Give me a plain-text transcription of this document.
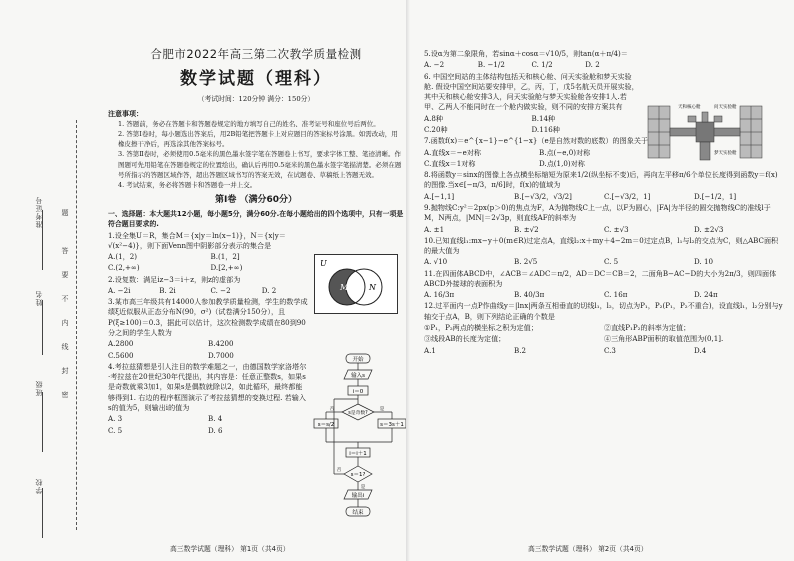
准考证号
姓名
班级
学校
题
答
要
不
内
线
封
密
合肥市2022年高三第二次教学质量检测
数学试题（理科）
（考试时间：120分钟 满分：150分）
注意事项：

1. 答题前，务必在答题卡和答题卷规定的地方填写自己的姓名、准考证号和座位号后两位。

2. 答第Ⅰ卷时，每小题选出答案后，用2B铅笔把答题卡上对应题目的答案标号涂黑。如需改动，用橡皮擦干净后，再选涂其他答案标号。

3. 答第Ⅱ卷时，必须使用0.5毫米的黑色墨水签字笔在答题卷上书写，要求字体工整、笔迹清晰。作图题可先用铅笔在答题卷规定的位置绘出，确认后再用0.5毫米的黑色墨水签字笔描清楚。必须在题号所指示的答题区域作答，超出答题区域书写的答案无效，在试题卷、草稿纸上答题无效。

4. 考试结束，务必将答题卡和答题卷一并上交。

第Ⅰ卷 （满分60分）
一、选择题：本大题共12小题，每小题5分，满分60分.在每小题给出的四个选项中，只有一项是符合题目要求的.
1.设全集U＝R，集合M＝{x|y＝ln(x−1)}，N＝{x|y＝√(x²−4)}，则下面Venn图中阴影部分表示的集合是
A.(1，2)	B.(1，2]
C.(2,+∞)	D.[2,+∞)
2.设复数：满足iz−3＝i＋z，则z的虚部为
A. −2i	B. 2i	C. −2	D. 2
3.某市高三年级共有14000人参加教学质量检测，学生的数学成绩ξ近似服从正态分布N(90，σ²)（试卷满分150分），且P(ξ≥100)＝0.3，据此可以估计，这次检测数学成绩在80到90分之间的学生人数为
A.2800	B.4200
C.5600	D.7000
4.考拉兹猜想是引人注目的数学难题之一，由德国数学家洛塔尔·考拉兹在20世纪30年代提出，其内容是：任意正整数s，如果s是奇数就乘3加1，如果s是偶数就除以2，如此循环，最终都能够得到1. 右边的程序框图演示了考拉兹猜想的变换过程. 若输入s的值为5，则输出i的值为
A. 3	B. 4
C. 5	D. 6
U
M	N
开始
输入s
i＝0
s是奇数?
否	是
s＝s/2	s＝3s＋1
i＝i＋1
s＝1?
否
是
输出i
结束
高三数学试题（理科） 第1页（共4页）
5.设α为第二象限角，若sinα＋cosα＝√10/5，则tan(α＋π/4)＝
A. −2	B. −1/2	C. 1/2	D. 2
6. 中国空间站的主体结构包括天和核心舱、问天实验舱和梦天实验舱. 假设中国空间站要安排甲，乙，丙，丁，戊5名航天员开展实验，其中天和核心舱安排3人，问天实验舱与梦天实验舱各安排1人.若甲、乙两人不能同时在一个舱内做实验，则不同的安排方案共有
A.8种	B.14种
C.20种	D.116种
7.函数f(x)＝e^{x−1}−e^{1−x}（e是自然对数的底数）的图象关于
A.直线x＝−e对称	B.点(−e,0)对称
C.直线x＝1对称	D.点(1,0)对称
8.将函数y＝sinx的图像上各点横坐标缩短为原来1/2(纵坐标不变)后，再向左平移π/6个单位长度得到函数y＝f(x)的图像.当x∈[−π/3，π/6]时，f(x)的值域为
A.[−1,1]	B.[−√3/2，√3/2]	C.[−√3/2，1]	D.[−1/2，1]
9.抛物线C:y²＝2px(p＞0)的焦点为F，A为抛物线C上一点，以F为圆心，|FA|为半径的圆交抛物线C的准线l于M，N两点，|MN|＝2√3p，则直线AF的斜率为
A. ±1	B. ±√2	C. ±√3	D. ±2√3
10.已知直线l₁:mx−y＋0(m∈R)过定点A，直线l₂:x＋my＋4−2m＝0过定点B，l₁与l₂的交点为C，则△ABC面积的最大值为
A. √10	B. 2√5	C. 5	D. 10
11.在四面体ABCD中，∠ACB＝∠ADC＝π/2，AD＝DC＝CB＝2，二面角B−AC−D的大小为2π/3，则四面体ABCD外接球的表面积为
A. 16/3π	B. 40/3π	C. 16π	D. 24π
12.过平面内一点P作曲线y＝|lnx|两条互相垂直的切线l₁，l₂，切点为P₁，P₂(P₁，P₂不重合)，设直线l₁，l₂分别与y轴交于点A，B，则下列结论正确的个数是
①P₁，P₂两点的横坐标之积为定值；	②直线P₁P₂的斜率为定值；
③线段AB的长度为定值；	④三角形ABP面积的取值范围为(0,1].
A.1	B.2	C.3	D.4
高三数学试题（理科） 第2页（共4页）
天和核心舱	问天实验舱
梦天实验舱
